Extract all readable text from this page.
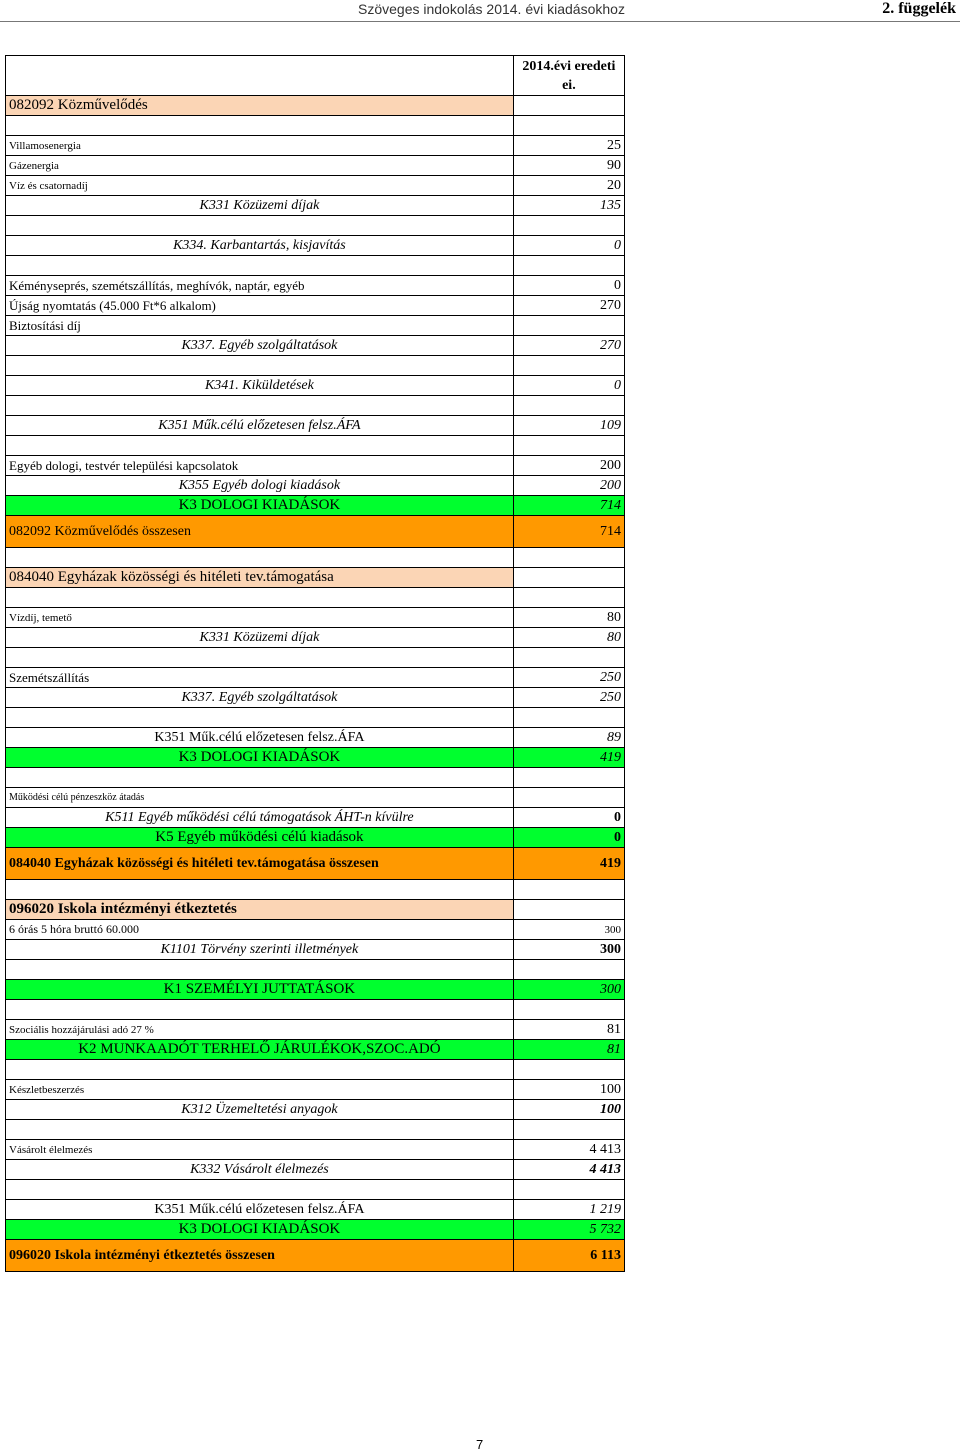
Szöveges indokolás 2014. évi kiadásokhoz	2. függelék
	2014.évi eredeti ei.
082092 Közművelődés	

Villamosenergia	25
Gázenergia	90
Víz és csatornadíj	20
K331 Közüzemi díjak	135

K334. Karbantartás, kisjavítás	0

Kéményseprés, szemétszállítás, meghívók, naptár, egyéb	0
Újság nyomtatás (45.000 Ft*6 alkalom)	270
Biztosítási díj	
K337. Egyéb szolgáltatások	270

K341. Kiküldetések	0

K351 Műk.célú előzetesen felsz.ÁFA	109

Egyéb dologi, testvér települési kapcsolatok	200
K355 Egyéb dologi kiadások	200
K3 DOLOGI KIADÁSOK	714
082092 Közművelődés összesen	714

084040 Egyházak közösségi és hitéleti tev.támogatása	

Vízdíj, temető	80
K331 Közüzemi díjak	80

Szemétszállítás	250
K337. Egyéb szolgáltatások	250

K351 Műk.célú előzetesen felsz.ÁFA	89
K3 DOLOGI KIADÁSOK	419

Működési célú pénzeszköz átadás	
K511 Egyéb működési célú támogatások ÁHT-n kívülre	0
K5 Egyéb működési célú kiadások	0
084040 Egyházak közösségi és hitéleti tev.támogatása összesen	419

096020 Iskola intézményi étkeztetés	
6 órás 5 hóra bruttó 60.000	300
K1101 Törvény szerinti illetmények	300

K1 SZEMÉLYI JUTTATÁSOK	300

Szociális hozzájárulási adó 27 %	81
K2 MUNKAADÓT TERHELŐ JÁRULÉKOK,SZOC.ADÓ	81

Készletbeszerzés	100
K312 Üzemeltetési anyagok	100

Vásárolt élelmezés	4 413
K332 Vásárolt élelmezés	4 413

K351 Műk.célú előzetesen felsz.ÁFA	1 219
K3 DOLOGI KIADÁSOK	5 732
096020 Iskola intézményi étkeztetés összesen	6 113
7
